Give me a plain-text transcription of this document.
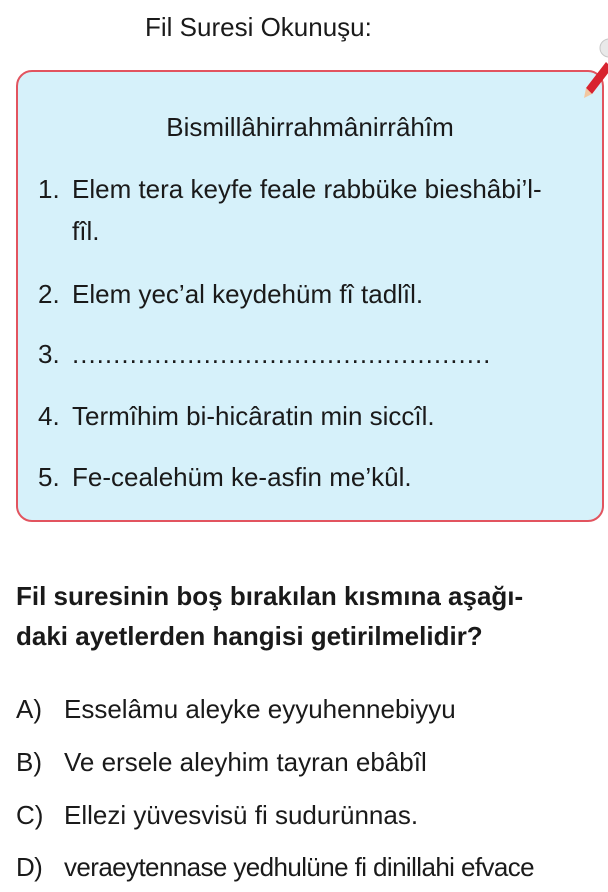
Fil Suresi Okunuşu:
Bismillâhirrahmânirrâhîm
1. Elem tera keyfe feale rabbüke bieshâbi’l-
fîl.
2. Elem yec’al keydehüm fî tadlîl.
3. ...................................................
4. Termîhim bi-hicâratin min siccîl.
5. Fe-cealehüm ke-asfin me’kûl.
Fil suresinin boş bırakılan kısmına aşağı-
daki ayetlerden hangisi getirilmelidir?
A) Esselâmu aleyke eyyuhennebiyyu
B) Ve ersele aleyhim tayran ebâbîl
C) Ellezi yüvesvisü fi sudurünnas.
D) veraeytennase yedhulüne fi dinillahi efvace
